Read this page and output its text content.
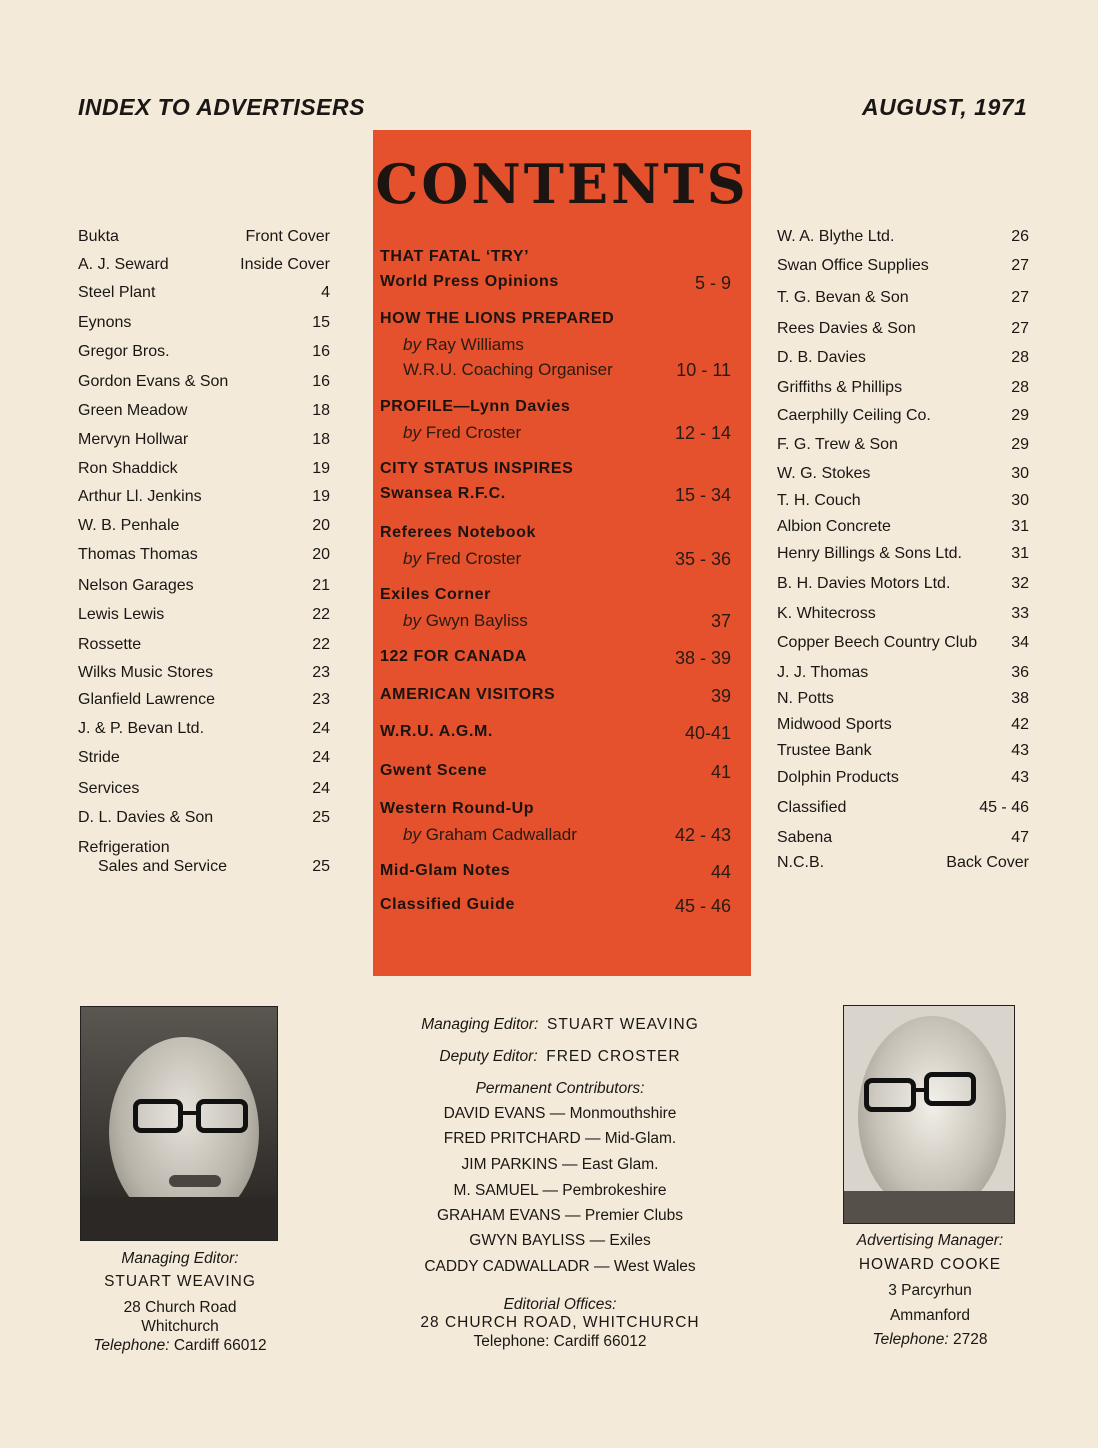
INDEX TO ADVERTISERS	AUGUST, 1971
Bukta	Front Cover
A. J. Seward	Inside Cover
Steel Plant	4
Eynons	15
Gregor Bros.	16
Gordon Evans & Son	16
Green Meadow	18
Mervyn Hollwar	18
Ron Shaddick	19
Arthur Ll. Jenkins	19
W. B. Penhale	20
Thomas Thomas	20
Nelson Garages	21
Lewis Lewis	22
Rossette	22
Wilks Music Stores	23
Glanfield Lawrence	23
J. & P. Bevan Ltd.	24
Stride	24
Services	24
D. L. Davies & Son	25
Refrigeration
Sales and Service	25
W. A. Blythe Ltd.	26
Swan Office Supplies	27
T. G. Bevan & Son	27
Rees Davies & Son	27
D. B. Davies	28
Griffiths & Phillips	28
Caerphilly Ceiling Co.	29
F. G. Trew & Son	29
W. G. Stokes	30
T. H. Couch	30
Albion Concrete	31
Henry Billings & Sons Ltd.	31
B. H. Davies Motors Ltd.	32
K. Whitecross	33
Copper Beech Country Club 34
J. J. Thomas	36
N. Potts	38
Midwood Sports	42
Trustee Bank	43
Dolphin Products	43
Classified	45 - 46
Sabena	47
N.C.B.	Back Cover
CONTENTS
THAT FATAL ‘TRY’
World Press Opinions	5 - 9
HOW THE LIONS PREPARED
by Ray Williams
W.R.U. Coaching Organiser	10 - 11
PROFILE—Lynn Davies
by Fred Croster	12 - 14
CITY STATUS INSPIRES
Swansea R.F.C.	15 - 34
Referees Notebook
by Fred Croster	35 - 36
Exiles Corner
by Gwyn Bayliss	37
122 FOR CANADA	38 - 39
AMERICAN VISITORS	39
W.R.U. A.G.M.	40-41
Gwent Scene	41
Western Round-Up
by Graham Cadwalladr	42 - 43
Mid-Glam Notes	44
Classified Guide	45 - 46
Managing Editor:
STUART WEAVING
28 Church Road
Whitchurch
Telephone: Cardiff 66012
Advertising Manager:
HOWARD COOKE
3 Parcyrhun
Ammanford
Telephone: 2728
Managing Editor: STUART WEAVING
Deputy Editor: FRED CROSTER
Permanent Contributors:
DAVID EVANS — Monmouthshire
FRED PRITCHARD — Mid-Glam.
JIM PARKINS — East Glam.
M. SAMUEL — Pembrokeshire
GRAHAM EVANS — Premier Clubs
GWYN BAYLISS — Exiles
CADDY CADWALLADR — West Wales
Editorial Offices:
28 CHURCH ROAD, WHITCHURCH
Telephone: Cardiff 66012
